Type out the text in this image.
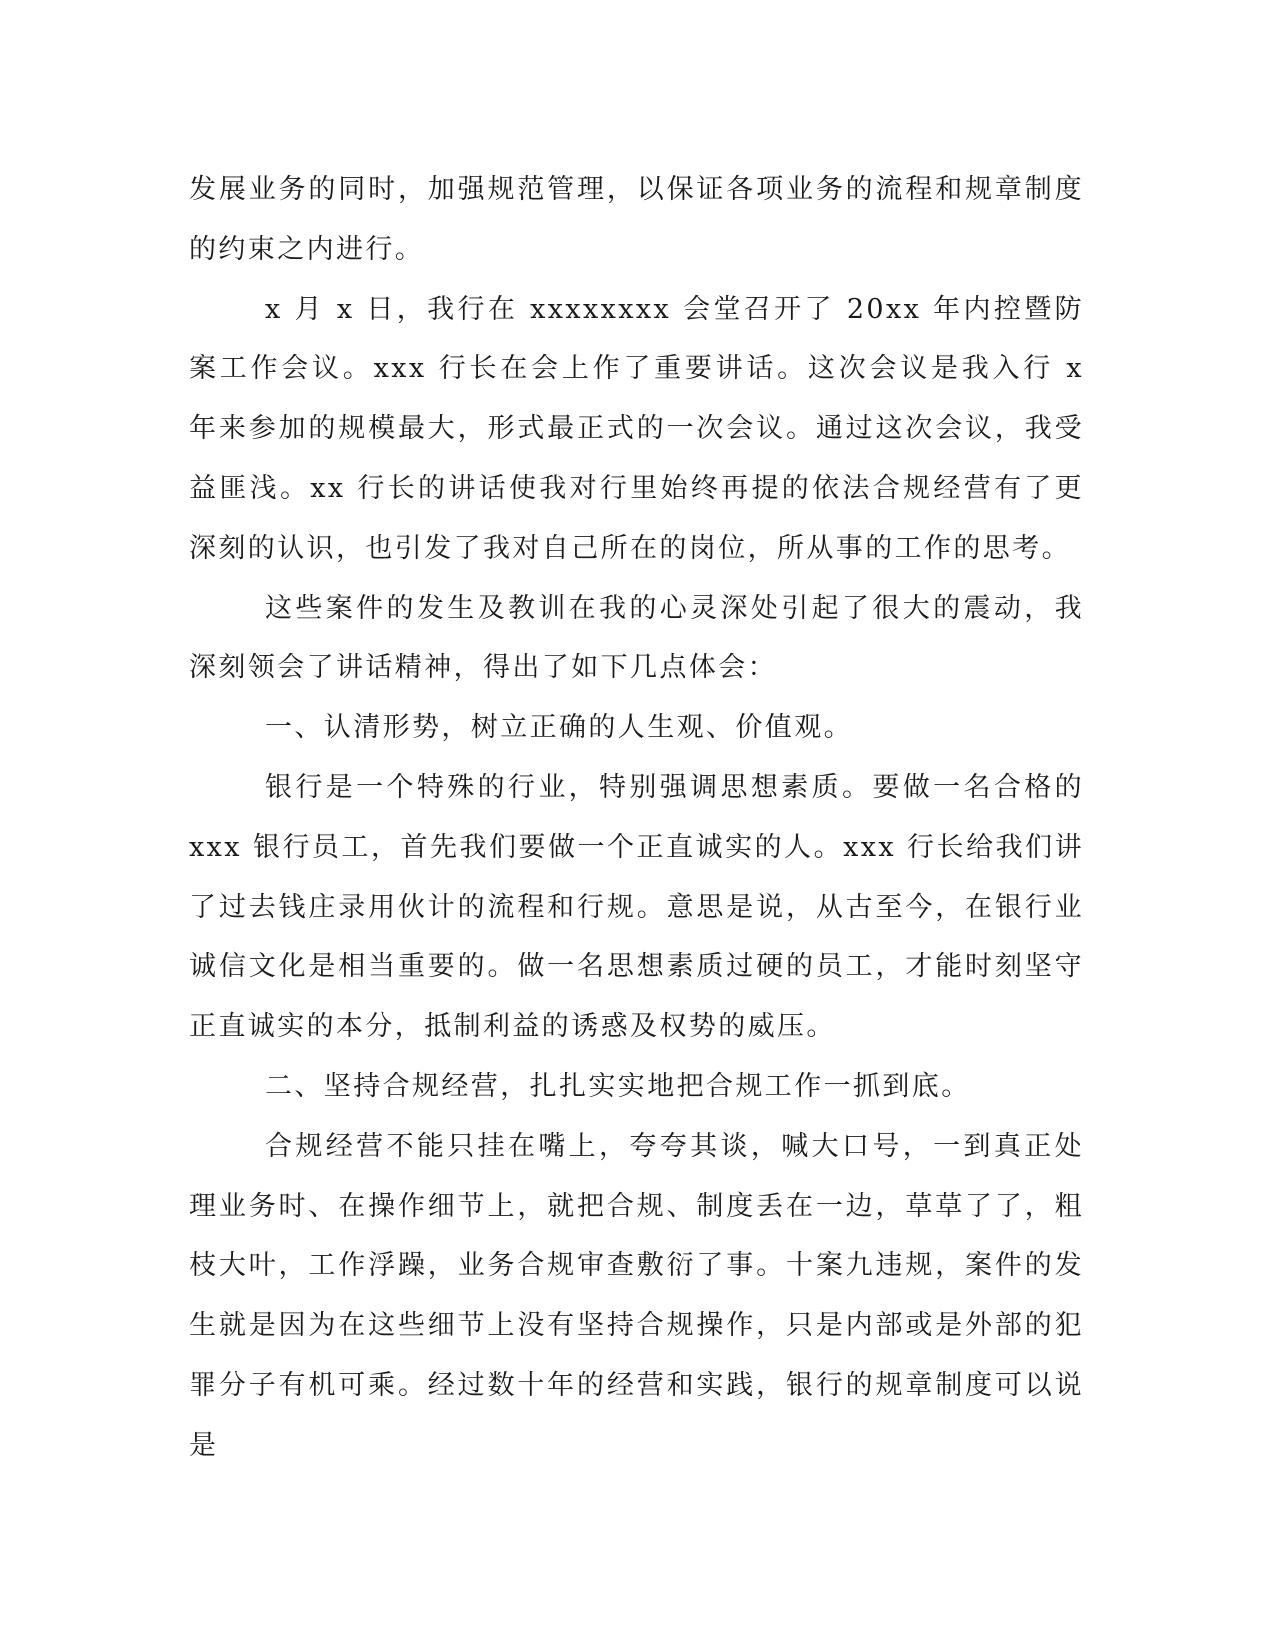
发展业务的同时，加强规范管理，以保证各项业务的流程和规章制度的约束之内进行。

x 月 x 日，我行在 xxxxxxxx 会堂召开了 20xx 年内控暨防案工作会议。xxx 行长在会上作了重要讲话。这次会议是我入行 x 年来参加的规模最大，形式最正式的一次会议。通过这次会议，我受益匪浅。xx 行长的讲话使我对行里始终再提的依法合规经营有了更深刻的认识，也引发了我对自己所在的岗位，所从事的工作的思考。

这些案件的发生及教训在我的心灵深处引起了很大的震动，我深刻领会了讲话精神，得出了如下几点体会：

一、认清形势，树立正确的人生观、价值观。

银行是一个特殊的行业，特别强调思想素质。要做一名合格的 xxx 银行员工，首先我们要做一个正直诚实的人。xxx 行长给我们讲了过去钱庄录用伙计的流程和行规。意思是说，从古至今，在银行业诚信文化是相当重要的。做一名思想素质过硬的员工，才能时刻坚守正直诚实的本分，抵制利益的诱惑及权势的威压。

二、坚持合规经营，扎扎实实地把合规工作一抓到底。

合规经营不能只挂在嘴上，夸夸其谈，喊大口号，一到真正处理业务时、在操作细节上，就把合规、制度丢在一边，草草了了，粗枝大叶，工作浮躁，业务合规审查敷衍了事。十案九违规，案件的发生就是因为在这些细节上没有坚持合规操作，只是内部或是外部的犯罪分子有机可乘。经过数十年的经营和实践，银行的规章制度可以说是
